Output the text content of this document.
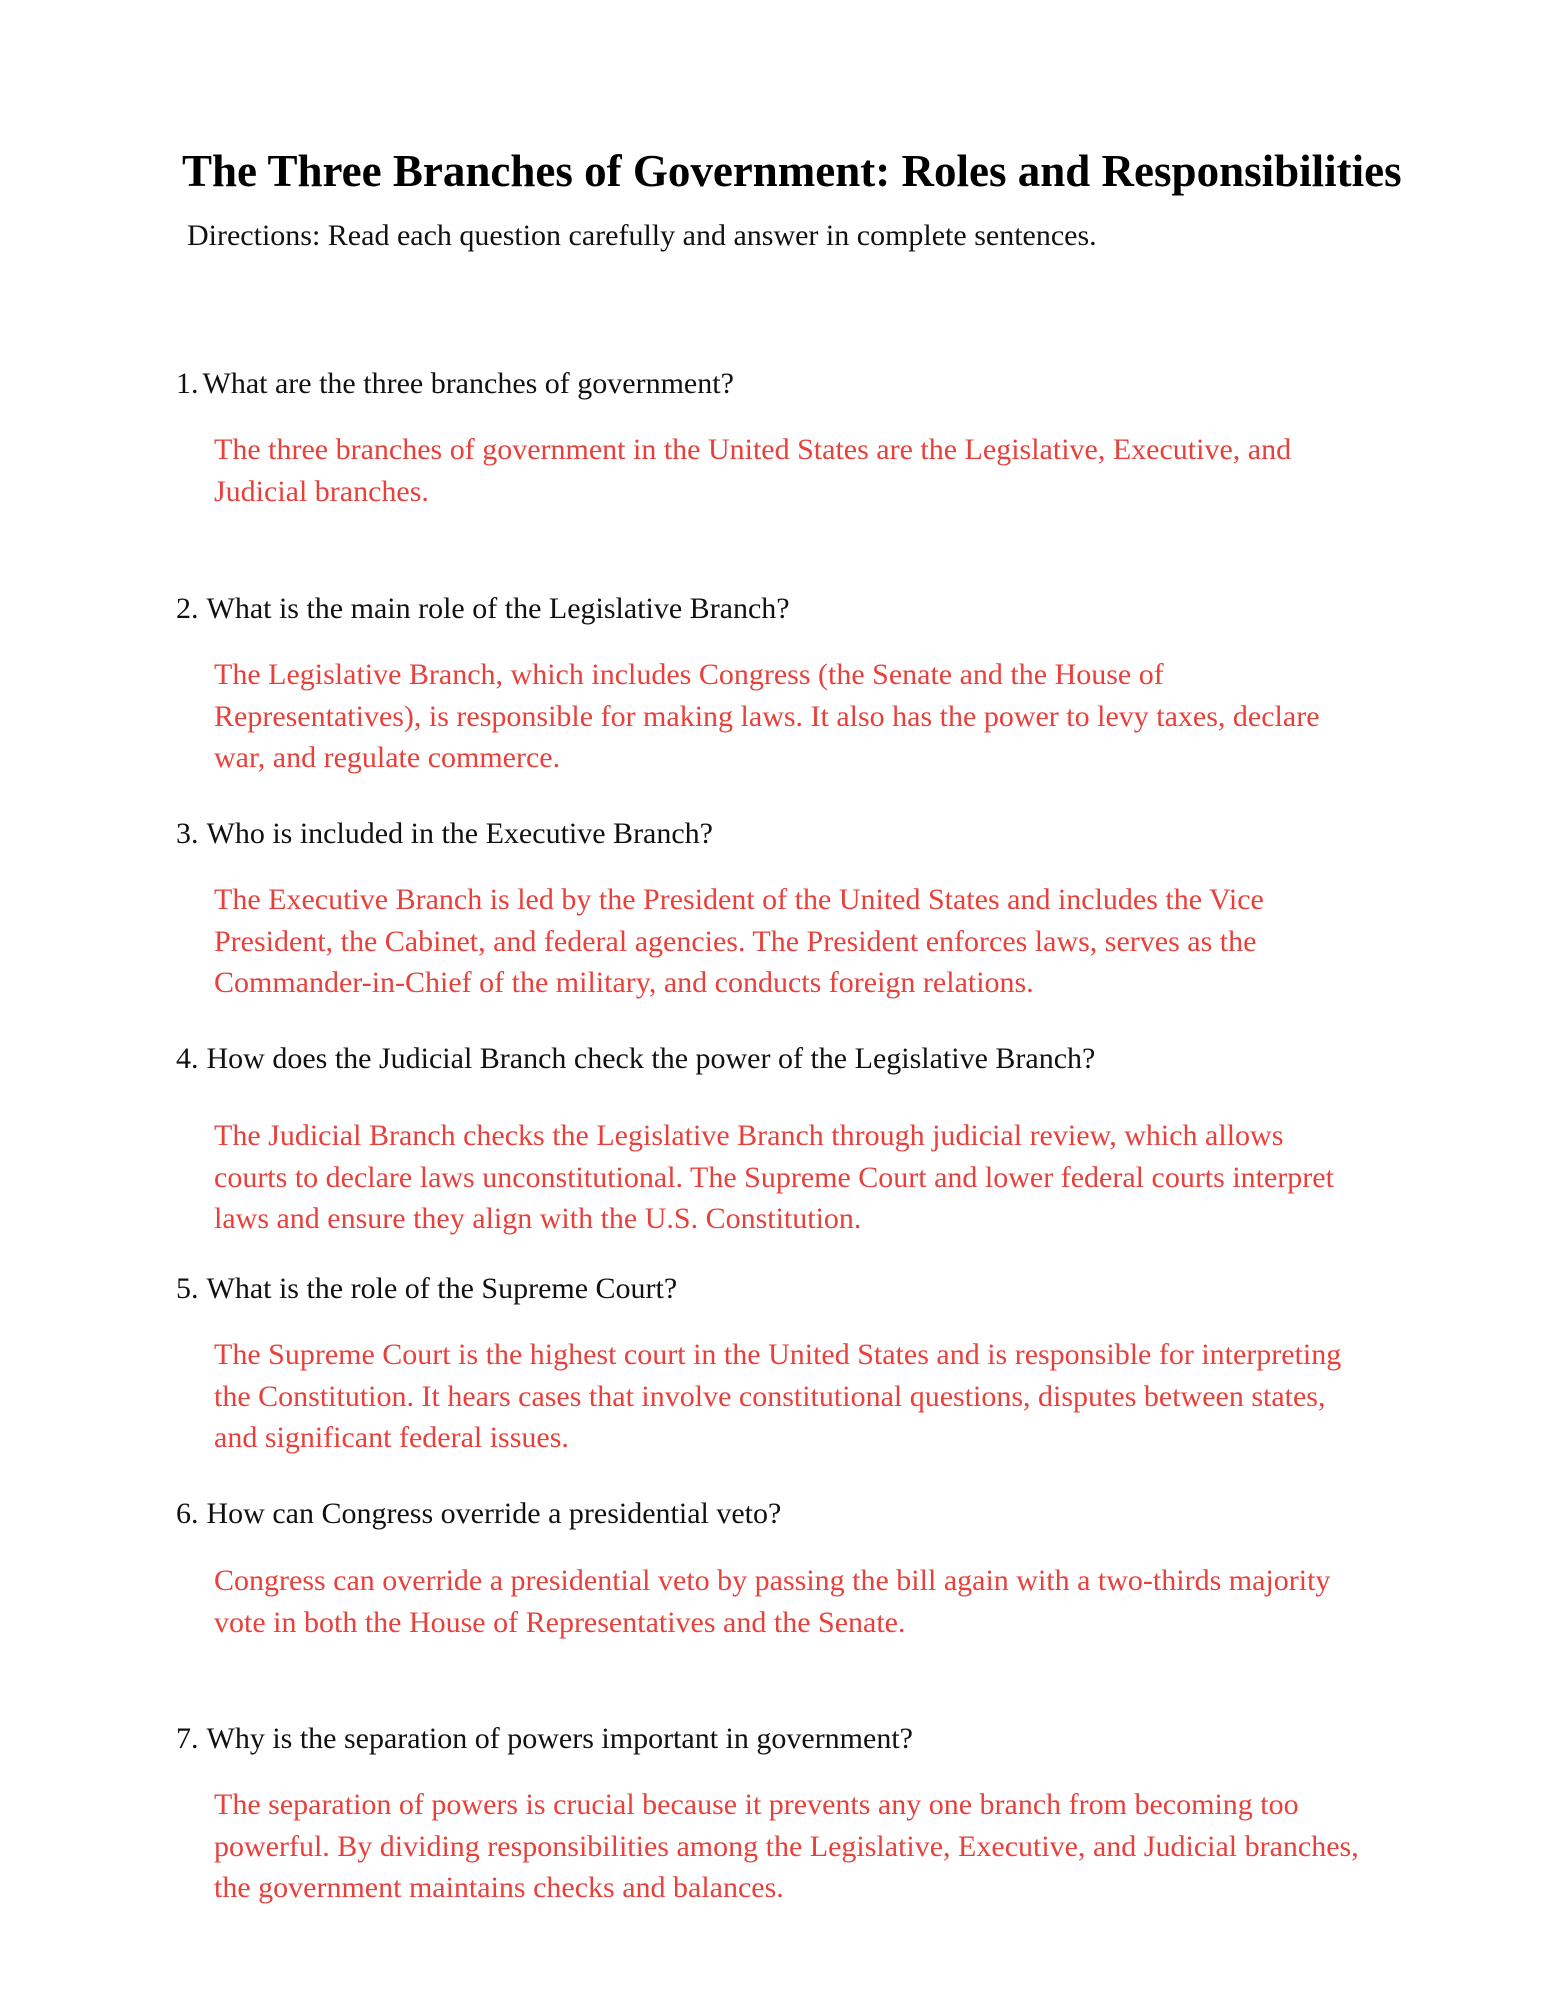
The Three Branches of Government: Roles and Responsibilities

Directions: Read each question carefully and answer in complete sentences.

1. What are the three branches of government?

The three branches of government in the United States are the Legislative, Executive, and Judicial branches.

2. What is the main role of the Legislative Branch?

The Legislative Branch, which includes Congress (the Senate and the House of Representatives), is responsible for making laws. It also has the power to levy taxes, declare war, and regulate commerce.

3. Who is included in the Executive Branch?

The Executive Branch is led by the President of the United States and includes the Vice President, the Cabinet, and federal agencies. The President enforces laws, serves as the Commander-in-Chief of the military, and conducts foreign relations.

4. How does the Judicial Branch check the power of the Legislative Branch?

The Judicial Branch checks the Legislative Branch through judicial review, which allows courts to declare laws unconstitutional. The Supreme Court and lower federal courts interpret laws and ensure they align with the U.S. Constitution.

5. What is the role of the Supreme Court?

The Supreme Court is the highest court in the United States and is responsible for interpreting the Constitution. It hears cases that involve constitutional questions, disputes between states, and significant federal issues.

6. How can Congress override a presidential veto?

Congress can override a presidential veto by passing the bill again with a two-thirds majority vote in both the House of Representatives and the Senate.

7. Why is the separation of powers important in government?

The separation of powers is crucial because it prevents any one branch from becoming too powerful. By dividing responsibilities among the Legislative, Executive, and Judicial branches, the government maintains checks and balances.
